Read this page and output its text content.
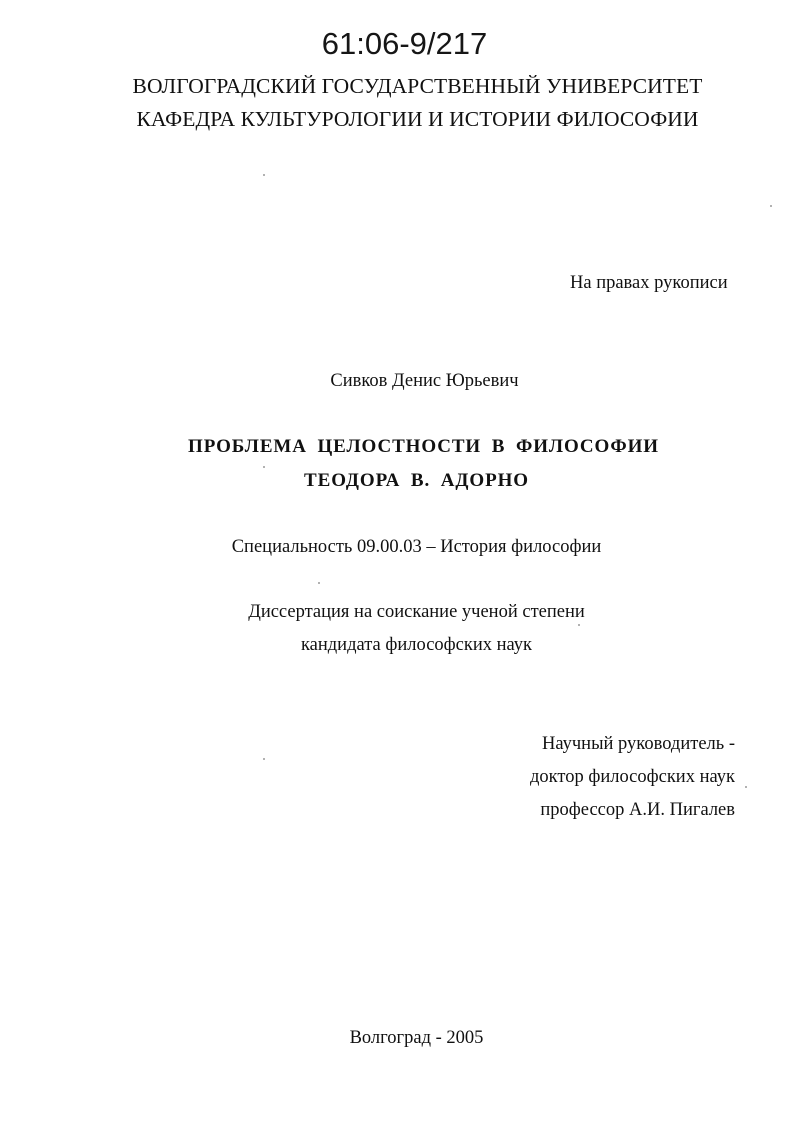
61:06-9/217
ВОЛГОГРАДСКИЙ ГОСУДАРСТВЕННЫЙ УНИВЕРСИТЕТ
КАФЕДРА КУЛЬТУРОЛОГИИ И ИСТОРИИ ФИЛОСОФИИ
На правах рукописи
Сивков Денис Юрьевич
ПРОБЛЕМА ЦЕЛОСТНОСТИ В ФИЛОСОФИИ
ТЕОДОРА В. АДОРНО
Специальность 09.00.03 – История философии
Диссертация на соискание ученой степени
кандидата философских наук
Научный руководитель -
доктор философских наук
профессор А.И. Пигалев
Волгоград - 2005
